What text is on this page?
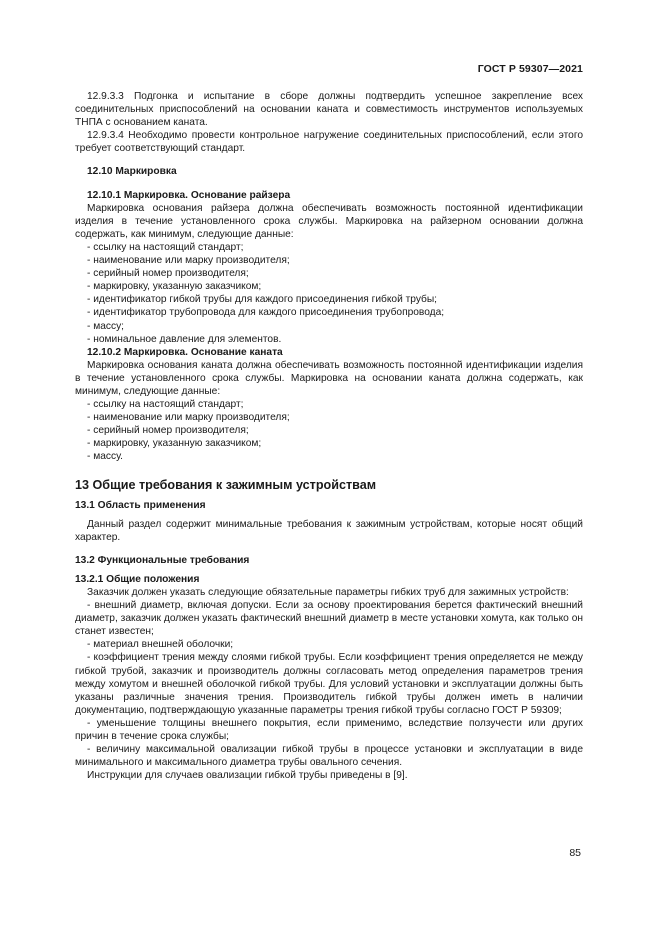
ГОСТ Р 59307—2021

12.9.3.3 Подгонка и испытание в сборе должны подтвердить успешное закрепление всех соединительных приспособлений на основании каната и совместимость инструментов используемых ТНПА с основанием каната.

12.9.3.4 Необходимо провести контрольное нагружение соединительных приспособлений, если этого требует соответствующий стандарт.

12.10 Маркировка

12.10.1 Маркировка. Основание райзера

Маркировка основания райзера должна обеспечивать возможность постоянной идентификации изделия в течение установленного срока службы. Маркировка на райзерном основании должна содержать, как минимум, следующие данные:

- ссылку на настоящий стандарт;

- наименование или марку производителя;

- серийный номер производителя;

- маркировку, указанную заказчиком;

- идентификатор гибкой трубы для каждого присоединения гибкой трубы;

- идентификатор трубопровода для каждого присоединения трубопровода;

- массу;

- номинальное давление для элементов.

12.10.2 Маркировка. Основание каната

Маркировка основания каната должна обеспечивать возможность постоянной идентификации изделия в течение установленного срока службы. Маркировка на основании каната должна содержать, как минимум, следующие данные:

- ссылку на настоящий стандарт;

- наименование или марку производителя;

- серийный номер производителя;

- маркировку, указанную заказчиком;

- массу.

13 Общие требования к зажимным устройствам

13.1 Область применения

Данный раздел содержит минимальные требования к зажимным устройствам, которые носят общий характер.

13.2 Функциональные требования

13.2.1 Общие положения

Заказчик должен указать следующие обязательные параметры гибких труб для зажимных устройств:

- внешний диаметр, включая допуски. Если за основу проектирования берется фактический внешний диаметр, заказчик должен указать фактический внешний диаметр в месте установки хомута, как только он станет известен;

- материал внешней оболочки;

- коэффициент трения между слоями гибкой трубы. Если коэффициент трения определяется не между гибкой трубой, заказчик и производитель должны согласовать метод определения параметров трения между хомутом и внешней оболочкой гибкой трубы. Для условий установки и эксплуатации должны быть указаны различные значения трения. Производитель гибкой трубы должен иметь в наличии документацию, подтверждающую указанные параметры трения гибкой трубы согласно ГОСТ Р 59309;

- уменьшение толщины внешнего покрытия, если применимо, вследствие ползучести или других причин в течение срока службы;

- величину максимальной овализации гибкой трубы в процессе установки и эксплуатации в виде минимального и максимального диаметра трубы овального сечения.

Инструкции для случаев овализации гибкой трубы приведены в [9].

85
